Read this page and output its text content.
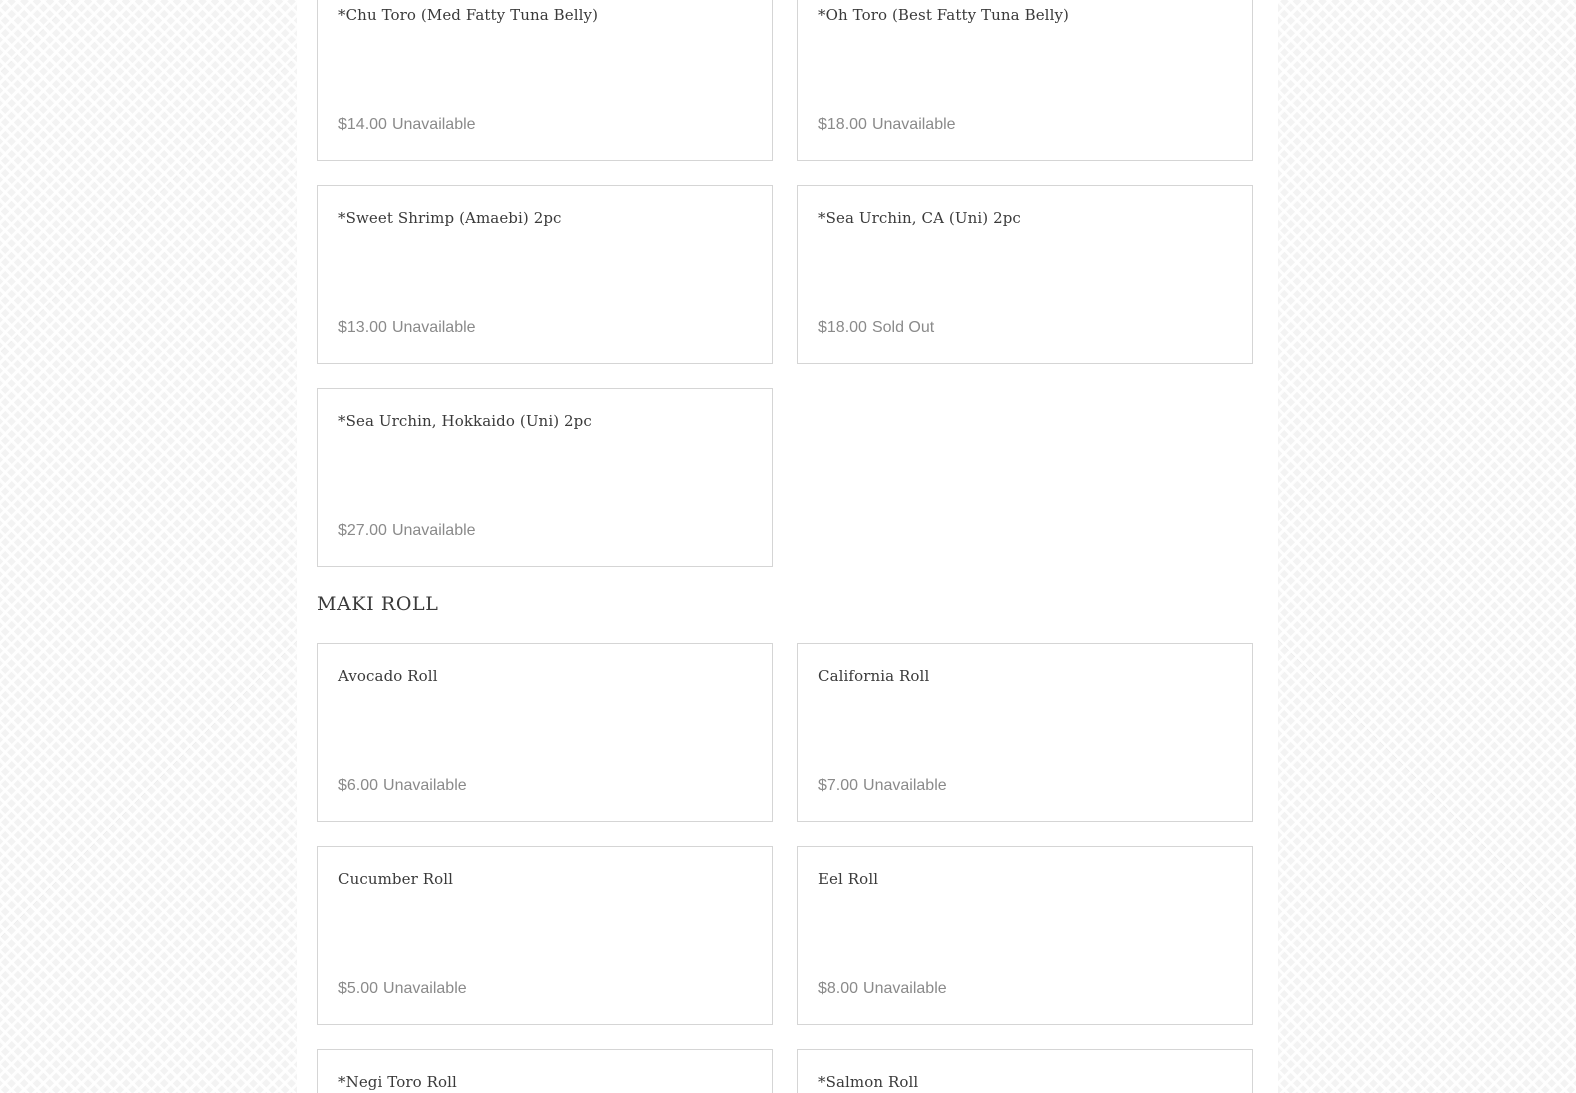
*Chu Toro (Med Fatty Tuna Belly)
$14.00 Unavailable
*Oh Toro (Best Fatty Tuna Belly)
$18.00 Unavailable
*Sweet Shrimp (Amaebi) 2pc
$13.00 Unavailable
*Sea Urchin, CA (Uni) 2pc
$18.00 Sold Out
*Sea Urchin, Hokkaido (Uni) 2pc
$27.00 Unavailable
MAKI ROLL
Avocado Roll
$6.00 Unavailable
California Roll
$7.00 Unavailable
Cucumber Roll
$5.00 Unavailable
Eel Roll
$8.00 Unavailable
*Negi Toro Roll	*Salmon Roll
